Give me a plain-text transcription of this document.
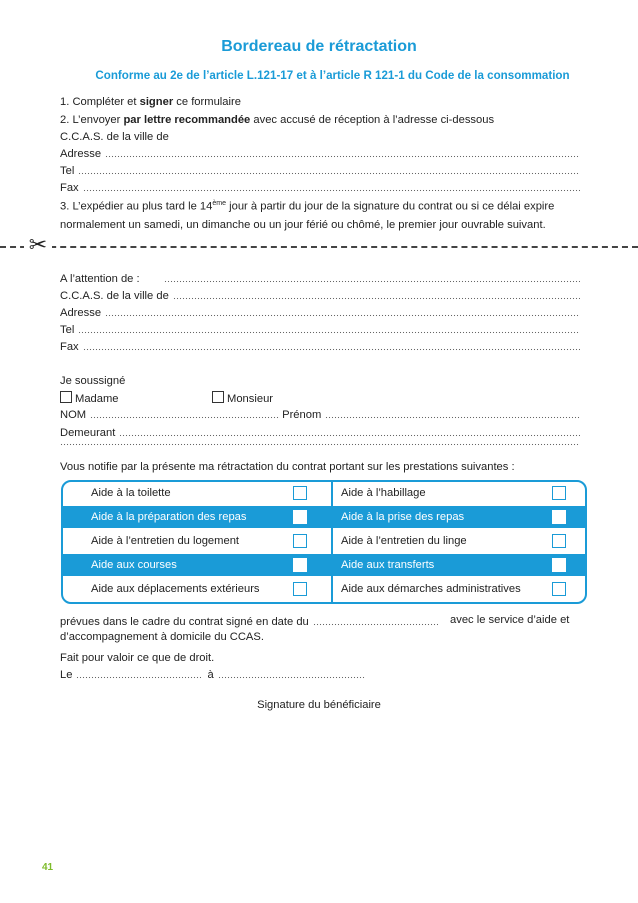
Bordereau de rétractation
Conforme au 2e de l’article L.121-17 et à l’article R 121-1 du Code de la consommation
1. Compléter et signer ce formulaire
2. L’envoyer par lettre recommandée avec accusé de réception à l’adresse ci-dessous
C.C.A.S. de la ville de
Adresse
Tel
Fax
3. L’expédier au plus tard le 14ème jour à partir du jour de la signature du contrat ou si ce délai expire normalement un samedi, un dimanche ou un jour férié ou chômé, le premier jour ouvrable suivant.
✂
A l’attention de :
C.C.A.S. de la ville de
Adresse
Tel
Fax
Je soussigné
Madame	Monsieur
NOM	Prénom
Demeurant
Vous notifie par la présente ma rétractation du contrat portant sur les prestations suivantes :
Aide à la toilette	Aide à l’habillage
Aide à la préparation des repas	Aide à la prise des repas
Aide à l’entretien du logement	Aide à l’entretien du linge
Aide aux courses	Aide aux transferts
Aide aux déplacements extérieurs	Aide aux démarches administratives
prévues dans le cadre du contrat signé en date du	avec le service d’aide et d’accompagnement à domicile du CCAS.
Fait pour valoir ce que de droit.
Le	à
Signature du bénéficiaire
41
